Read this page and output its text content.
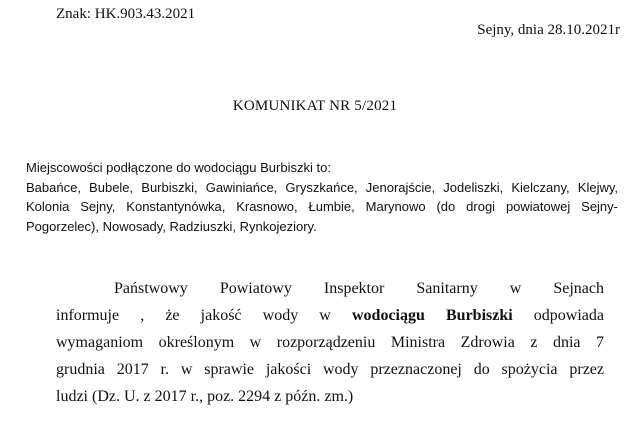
Znak: HK.903.43.2021
Sejny, dnia 28.10.2021r
KOMUNIKAT NR 5/2021
Miejscowości podłączone do wodociągu Burbiszki to:
Babańce, Bubele, Burbiszki, Gawiniańce, Gryszkańce, Jenorajście, Jodeliszki, Kielczany, Klejwy, Kolonia Sejny, Konstantynówka, Krasnowo, Łumbie, Marynowo (do drogi powiatowej Sejny-Pogorzelec), Nowosady, Radziuszki, Rynkojeziory.
Państwowy Powiatowy Inspektor Sanitarny w Sejnach
informuje , że jakość wody w wodociągu Burbiszki odpowiada
wymaganiom określonym w rozporządzeniu Ministra Zdrowia z dnia 7
grudnia 2017 r. w sprawie jakości wody przeznaczonej do spożycia przez
ludzi (Dz. U. z 2017 r., poz. 2294 z późn. zm.)
